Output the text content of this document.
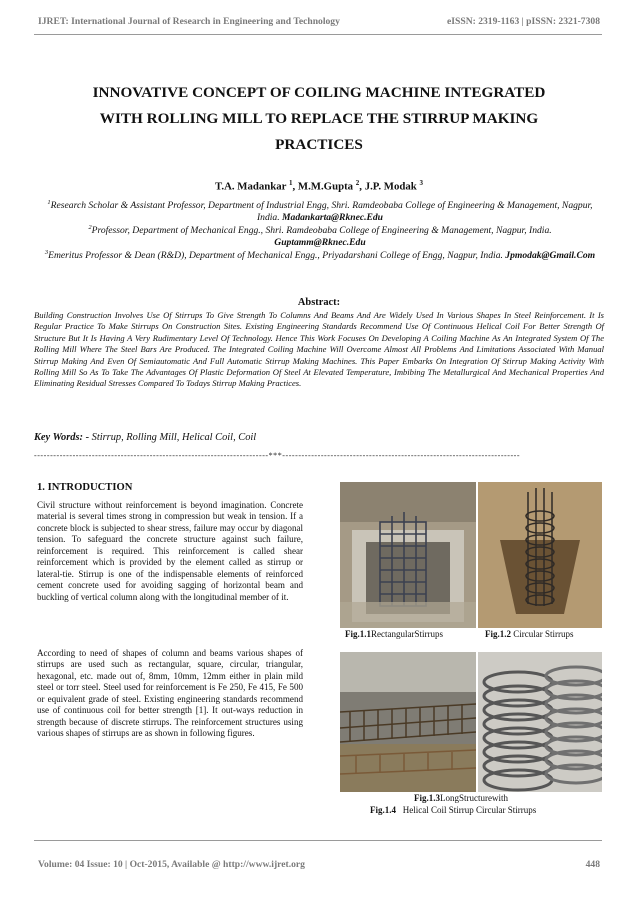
IJRET: International Journal of Research in Engineering and Technology	eISSN: 2319-1163 | pISSN: 2321-7308
INNOVATIVE CONCEPT OF COILING MACHINE INTEGRATED
WITH ROLLING MILL TO REPLACE THE STIRRUP MAKING
PRACTICES
T.A. Madankar $^1$, M.M.Gupta $^2$, J.P. Modak $^3$
$^1$Research Scholar & Assistant Professor, Department of Industrial Engg, Shri. Ramdeobaba College of Engineering & Management, Nagpur, India. Madankarta@Rknec.Edu
$^2$Professor, Department of Mechanical Engg., Shri. Ramdeobaba College of Engineering & Management, Nagpur, India. Guptamm@Rknec.Edu
$^3$Emeritus Professor & Dean (R&D), Department of Mechanical Engg., Priyadarshani College of Engg, Nagpur, India. Jpmodak@Gmail.Com
Abstract:
Building Construction Involves Use Of Stirrups To Give Strength To Columns And Beams And Are Widely Used In Various Shapes In Steel Reinforcement. It Is Regular Practice To Make Stirrups On Construction Sites. Existing Engineering Standards Recommend Use Of Continuous Helical Coil For Better Strength Of Structure But It Is Having A Very Rudimentary Level Of Technology. Hence This Work Focuses On Developing A Coiling Machine As An Integrated System Of The Rolling Mill Where The Steel Bars Are Produced. The Integrated Coiling Machine Will Overcome Almost All Problems And Limitations Associated With Manual Stirrup Making And Even Of Semiautomatic And Full Automatic Stirrup Making Machines. This Paper Embarks On Integration Of Stirrup Making Activity With Rolling Mill So As To Take The Advantages Of Plastic Deformation Of Steel At Elevated Temperature, Imbibing The Metallurgical And Mechanical Properties And Eliminating Residual Stresses Compared To Todays Stirrup Making Practices.
Key Words: - Stirrup, Rolling Mill, Helical Coil, Coil
-------------------------------------------------------------------------***--------------------------------------------------------------------------
1. INTRODUCTION
Civil structure without reinforcement is beyond imagination. Concrete material is several times strong in compression but weak in tension. If a concrete block is subjected to shear stress, failure may occur by diagonal tension. To safeguard the concrete structure against such failure, reinforcement is required. This reinforcement is called shear reinforcement which is provided by the element called as stirrup or lateral-tie. Stirrup is one of the indispensable elements of reinforced cement concrete used for avoiding sagging of horizontal beam and buckling of vertical column along with the longitudinal member of it.
According to need of shapes of column and beams various shapes of stirrups are used such as rectangular, square, circular, triangular, hexagonal, etc. made out of, 8mm, 10mm, 12mm either in plain mild steel or torr steel. Steel used for reinforcement is Fe 250, Fe 415, Fe 500 or equivalent grade of steel. Existing engineering standards recommend use of continuous coil for better strength [1]. It out-ways reduction in strength because of discrete stirrups. The reinforcement structures using various shapes of stirrups are as shown in following figures.
Fig.1.1RectangularStirrups	Fig.1.2 Circular Stirrups
Fig.1.3LongStructurewith
Fig.1.4 Helical Coil Stirrup Circular Stirrups
Volume: 04 Issue: 10 | Oct-2015, Available @ http://www.ijret.org	448
